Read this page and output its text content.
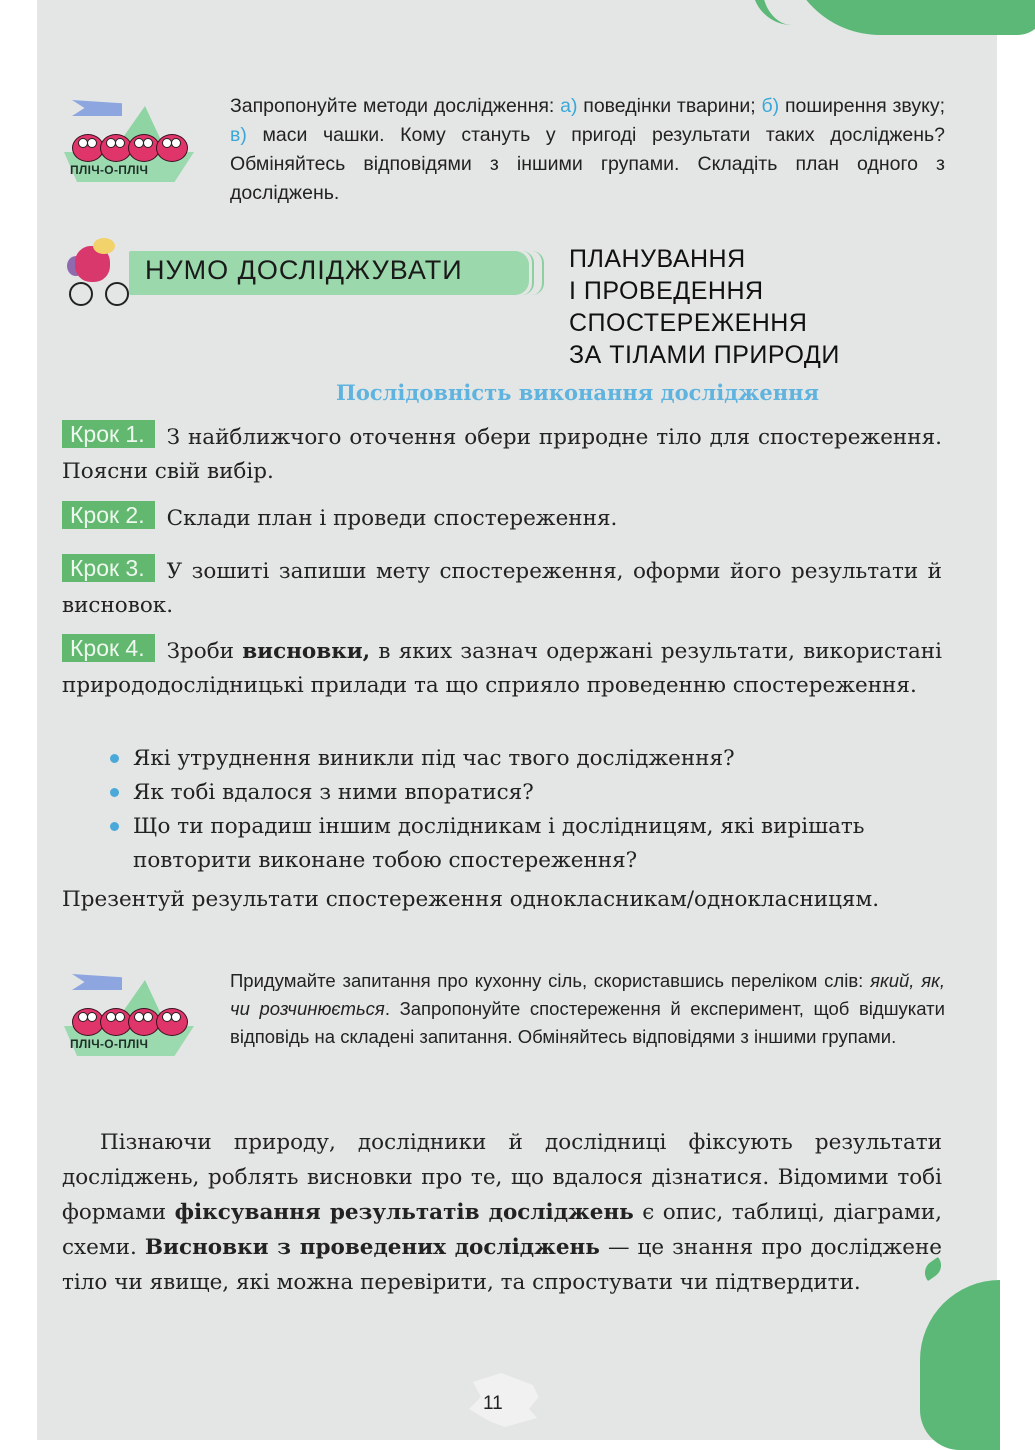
ПЛІЧ-О-ПЛІЧ
Запропонуйте методи дослідження: а) поведінки тварини; б) поширення звуку; в) маси чашки. Кому стануть у пригоді результати таких досліджень? Обміняйтесь відповідями з іншими групами. Складіть план одного з досліджень.
НУМО ДОСЛІДЖУВАТИ	ПЛАНУВАННЯ
І ПРОВЕДЕННЯ
СПОСТЕРЕЖЕННЯ
ЗА ТІЛАМИ ПРИРОДИ
Послідовність виконання дослідження
Крок 1. З найближчого оточення обери природне тіло для спостереження. Поясни свій вибір.
Крок 2. Склади план і проведи спостереження.
Крок 3. У зошиті запиши мету спостереження, оформи його результати й висновок.
Крок 4. Зроби висновки, в яких зазнач одержані результати, використані природодослідницькі прилади та що сприяло проведенню спостереження.
Які утруднення виникли під час твого дослідження?
Як тобі вдалося з ними впоратися?
Що ти порадиш іншим дослідникам і дослідницям, які вирішать повторити виконане тобою спостереження?
Презентуй результати спостереження однокласникам/однокласницям.
ПЛІЧ-О-ПЛІЧ
Придумайте запитання про кухонну сіль, скориставшись переліком слів: який, як, чи розчинюється. Запропонуйте спостереження й експеримент, щоб відшукати відповідь на складені запитання. Обміняйтесь відповідями з іншими групами.
Пізнаючи природу, дослідники й дослідниці фіксують результати досліджень, роблять висновки про те, що вдалося дізнатися. Відомими тобі формами фіксування результатів досліджень є опис, таблиці, діаграми, схеми. Висновки з проведених досліджень — це знання про досліджене тіло чи явище, які можна перевірити, та спростувати чи підтвердити.
11
